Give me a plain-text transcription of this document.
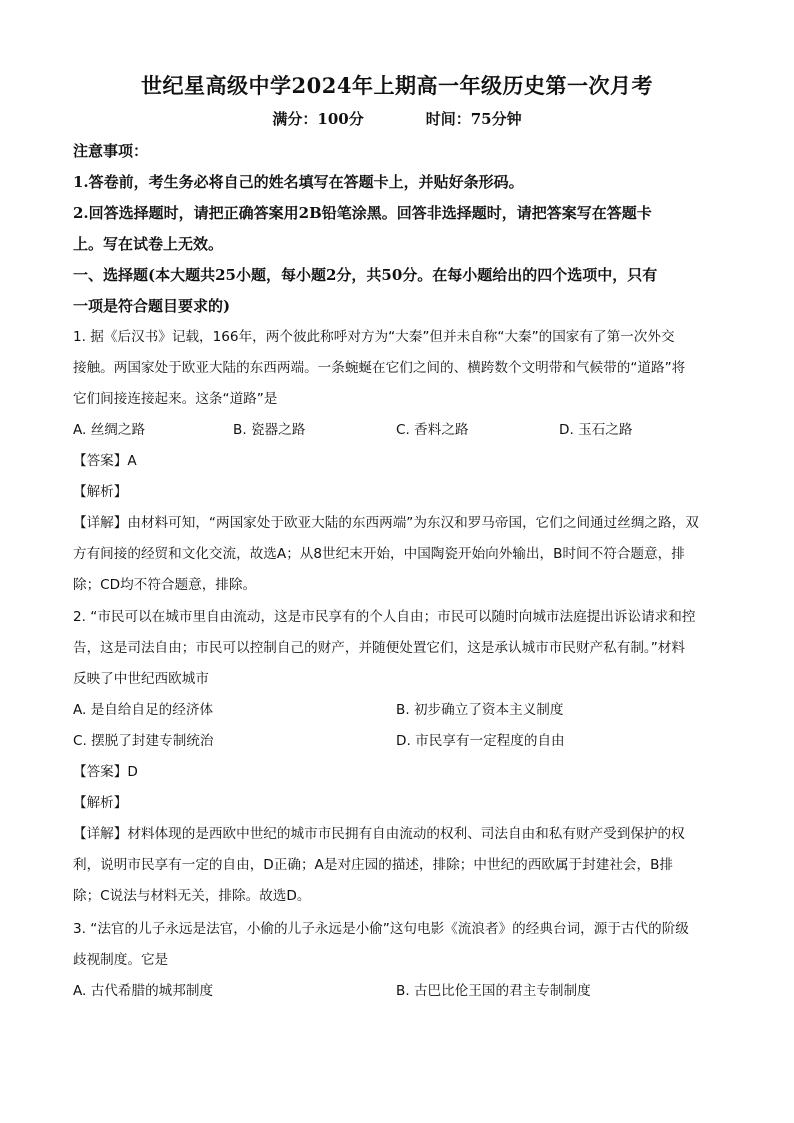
世纪星高级中学2024年上期高一年级历史第一次月考
满分：100分	时间：75分钟
注意事项：
1.答卷前，考生务必将自己的姓名填写在答题卡上，并贴好条形码。
2.回答选择题时，请把正确答案用2B铅笔涂黑。回答非选择题时，请把答案写在答题卡
上。写在试卷上无效。
一、选择题(本大题共25小题，每小题2分，共50分。在每小题给出的四个选项中，只有
一项是符合题目要求的)
1. 据《后汉书》记载，166年，两个彼此称呼对方为“大秦”但并未自称“大秦”的国家有了第一次外交
接触。两国家处于欧亚大陆的东西两端。一条蜿蜒在它们之间的、横跨数个文明带和气候带的“道路”将
它们间接连接起来。这条“道路”是
A. 丝绸之路	B. 瓷器之路	C. 香料之路	D. 玉石之路
【答案】A
【解析】
【详解】由材料可知，“两国家处于欧亚大陆的东西两端”为东汉和罗马帝国，它们之间通过丝绸之路，双
方有间接的经贸和文化交流，故选A；从8世纪末开始，中国陶瓷开始向外输出，B时间不符合题意，排
除；CD均不符合题意，排除。
2. “市民可以在城市里自由流动，这是市民享有的个人自由；市民可以随时向城市法庭提出诉讼请求和控
告，这是司法自由；市民可以控制自己的财产，并随便处置它们，这是承认城市市民财产私有制。”材料
反映了中世纪西欧城市
A. 是自给自足的经济体	B. 初步确立了资本主义制度
C. 摆脱了封建专制统治	D. 市民享有一定程度的自由
【答案】D
【解析】
【详解】材料体现的是西欧中世纪的城市市民拥有自由流动的权利、司法自由和私有财产受到保护的权
利，说明市民享有一定的自由，D正确；A是对庄园的描述，排除；中世纪的西欧属于封建社会，B排
除；C说法与材料无关，排除。故选D。
3. “法官的儿子永远是法官，小偷的儿子永远是小偷”这句电影《流浪者》的经典台词，源于古代的阶级
歧视制度。它是
A. 古代希腊的城邦制度	B. 古巴比伦王国的君主专制制度
